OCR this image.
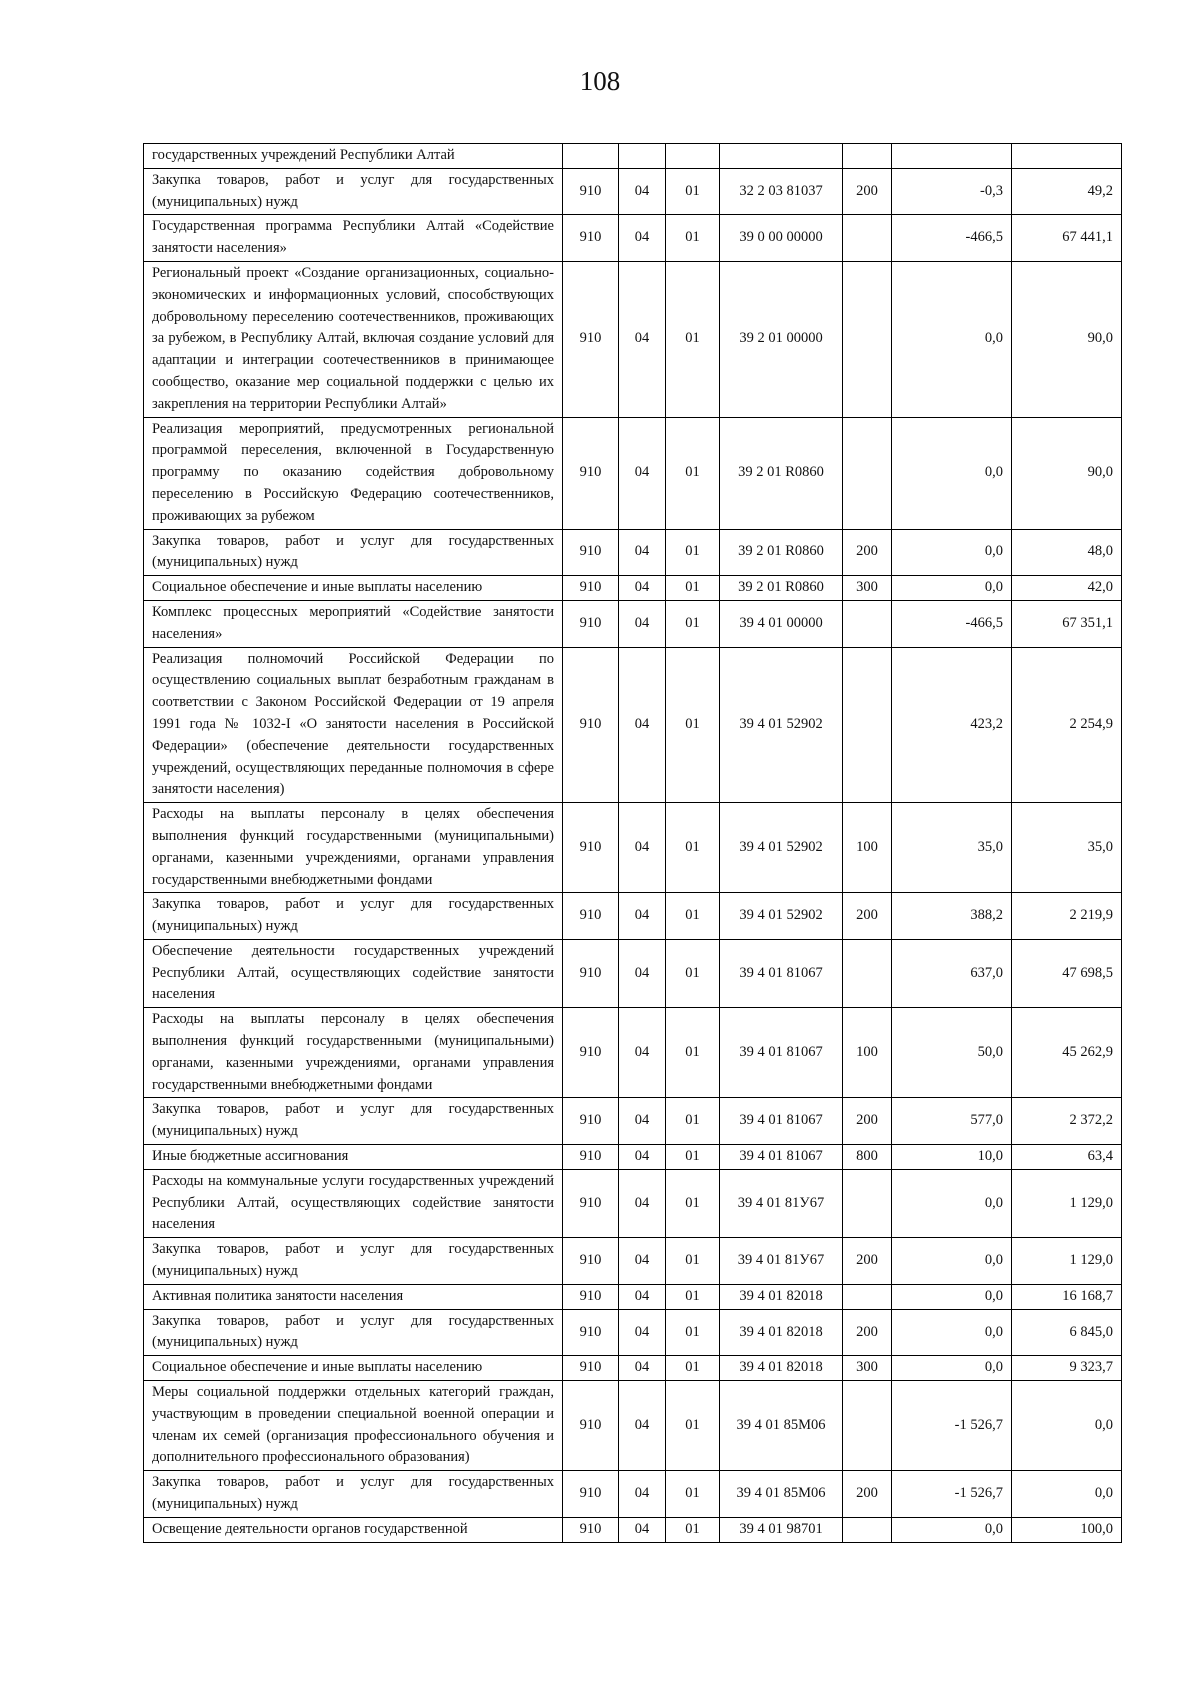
108
государственных учреждений Республики Алтай							
Закупка товаров, работ и услуг для государственных (муниципальных) нужд	910	04	01	32 2 03 81037	200	-0,3	49,2
Государственная программа Республики Алтай «Содействие занятости населения»	910	04	01	39 0 00 00000		-466,5	67 441,1
Региональный проект «Создание организационных, социально-экономических и информационных условий, способствующих добровольному переселению соотечественников, проживающих за рубежом, в Республику Алтай, включая создание условий для адаптации и интеграции соотечественников в принимающее сообщество, оказание мер социальной поддержки с целью их закрепления на территории Республики Алтай»	910	04	01	39 2 01 00000		0,0	90,0
Реализация мероприятий, предусмотренных региональной программой переселения, включенной в Государственную программу по оказанию содействия добровольному переселению в Российскую Федерацию соотечественников, проживающих за рубежом	910	04	01	39 2 01 R0860		0,0	90,0
Закупка товаров, работ и услуг для государственных (муниципальных) нужд	910	04	01	39 2 01 R0860	200	0,0	48,0
Социальное обеспечение и иные выплаты населению	910	04	01	39 2 01 R0860	300	0,0	42,0
Комплекс процессных мероприятий «Содействие занятости населения»	910	04	01	39 4 01 00000		-466,5	67 351,1
Реализация полномочий Российской Федерации по осуществлению социальных выплат безработным гражданам в соответствии с Законом Российской Федерации от 19 апреля 1991 года № 1032-I «О занятости населения в Российской Федерации» (обеспечение деятельности государственных учреждений, осуществляющих переданные полномочия в сфере занятости населения)	910	04	01	39 4 01 52902		423,2	2 254,9
Расходы на выплаты персоналу в целях обеспечения выполнения функций государственными (муниципальными) органами, казенными учреждениями, органами управления государственными внебюджетными фондами	910	04	01	39 4 01 52902	100	35,0	35,0
Закупка товаров, работ и услуг для государственных (муниципальных) нужд	910	04	01	39 4 01 52902	200	388,2	2 219,9
Обеспечение деятельности государственных учреждений Республики Алтай, осуществляющих содействие занятости населения	910	04	01	39 4 01 81067		637,0	47 698,5
Расходы на выплаты персоналу в целях обеспечения выполнения функций государственными (муниципальными) органами, казенными учреждениями, органами управления государственными внебюджетными фондами	910	04	01	39 4 01 81067	100	50,0	45 262,9
Закупка товаров, работ и услуг для государственных (муниципальных) нужд	910	04	01	39 4 01 81067	200	577,0	2 372,2
Иные бюджетные ассигнования	910	04	01	39 4 01 81067	800	10,0	63,4
Расходы на коммунальные услуги государственных учреждений Республики Алтай, осуществляющих содействие занятости населения	910	04	01	39 4 01 81У67		0,0	1 129,0
Закупка товаров, работ и услуг для государственных (муниципальных) нужд	910	04	01	39 4 01 81У67	200	0,0	1 129,0
Активная политика занятости населения	910	04	01	39 4 01 82018		0,0	16 168,7
Закупка товаров, работ и услуг для государственных (муниципальных) нужд	910	04	01	39 4 01 82018	200	0,0	6 845,0
Социальное обеспечение и иные выплаты населению	910	04	01	39 4 01 82018	300	0,0	9 323,7
Меры социальной поддержки отдельных категорий граждан, участвующим в проведении специальной военной операции и членам их семей (организация профессионального обучения и дополнительного профессионального образования)	910	04	01	39 4 01 85М06		-1 526,7	0,0
Закупка товаров, работ и услуг для государственных (муниципальных) нужд	910	04	01	39 4 01 85М06	200	-1 526,7	0,0
Освещение деятельности органов государственной	910	04	01	39 4 01 98701		0,0	100,0
